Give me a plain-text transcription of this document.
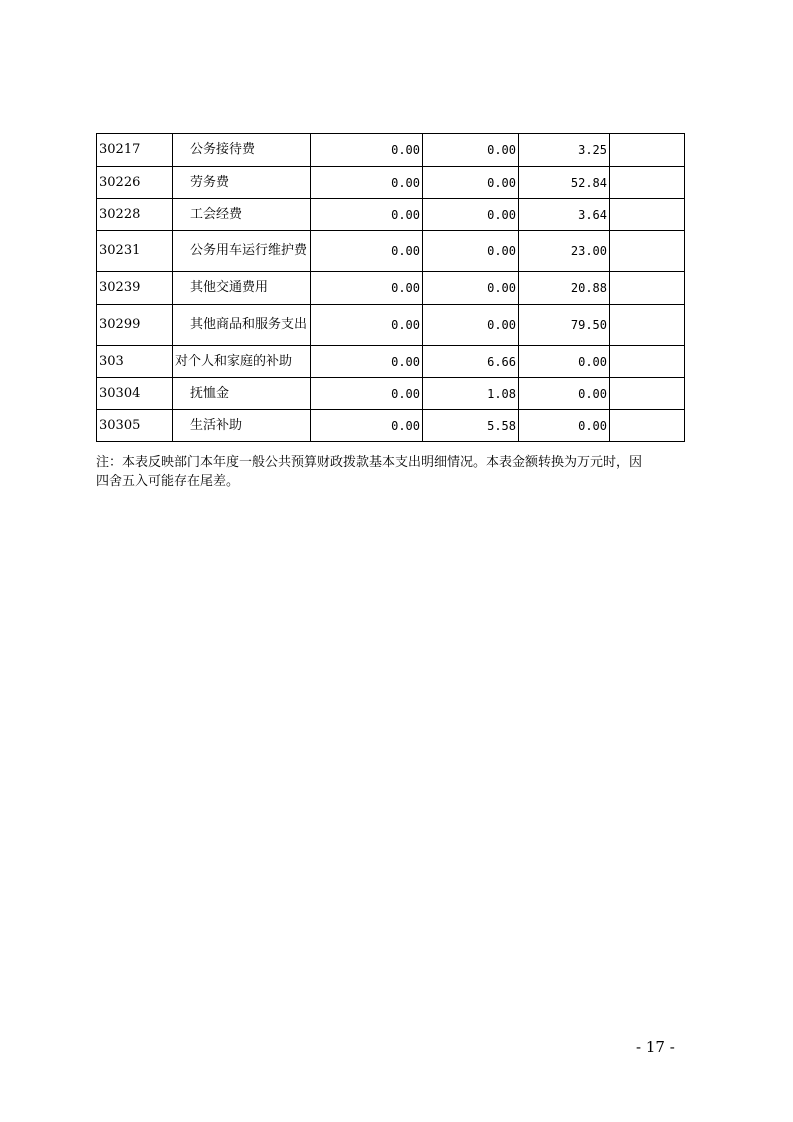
30217	公务接待费	0.00	0.00	3.25	
30226	劳务费	0.00	0.00	52.84	
30228	工会经费	0.00	0.00	3.64	
30231	公务用车运行维护费	0.00	0.00	23.00	
30239	其他交通费用	0.00	0.00	20.88	
30299	其他商品和服务支出	0.00	0.00	79.50	
303	对个人和家庭的补助	0.00	6.66	0.00	
30304	抚恤金	0.00	1.08	0.00	
30305	生活补助	0.00	5.58	0.00	
注：本表反映部门本年度一般公共预算财政拨款基本支出明细情况。本表金额转换为万元时，因
四舍五入可能存在尾差。
- 17 -
